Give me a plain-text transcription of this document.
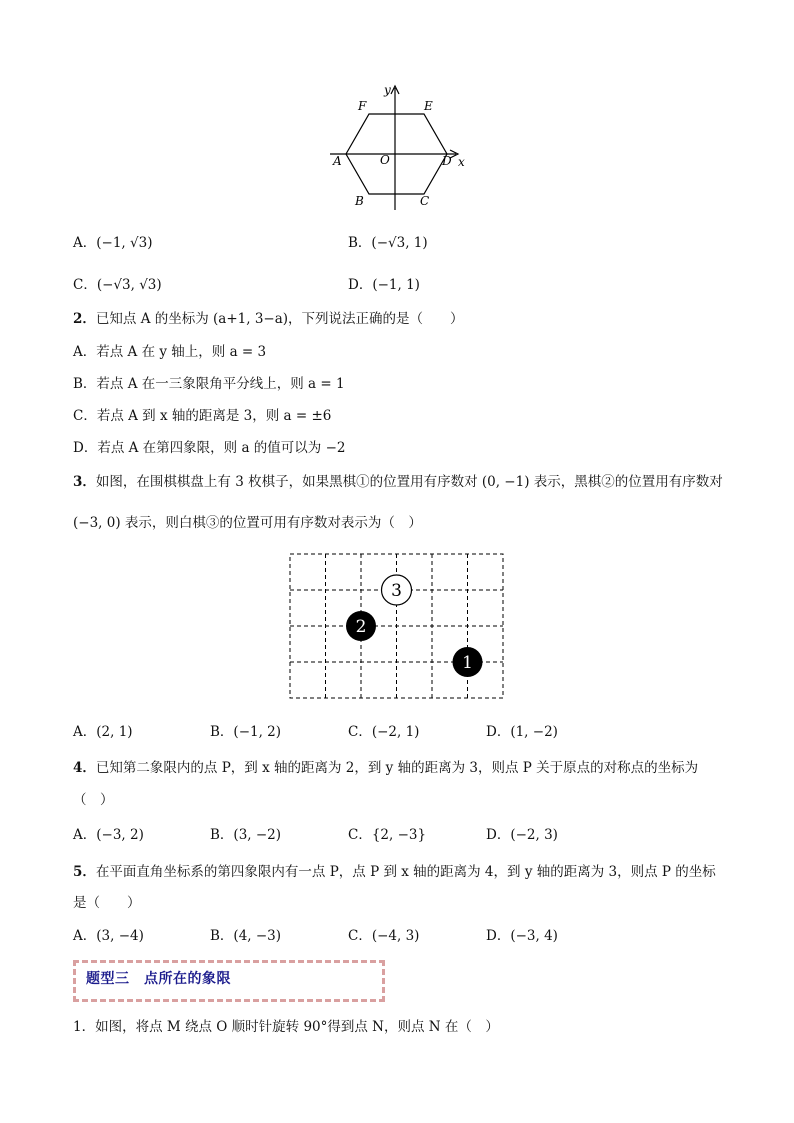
y
F	E
A	O	D x
B	C
A．(−1, √3)	B．(−√3, 1)
C．(−√3, √3)	D．(−1, 1)
2．已知点 A 的坐标为 (a+1, 3−a)，下列说法正确的是（　　）
A．若点 A 在 y 轴上，则 a = 3
B．若点 A 在一三象限角平分线上，则 a = 1
C．若点 A 到 x 轴的距离是 3，则 a = ±6
D．若点 A 在第四象限，则 a 的值可以为 −2
3．如图，在围棋棋盘上有 3 枚棋子，如果黑棋①的位置用有序数对 (0, −1) 表示，黑棋②的位置用有序数对
(−3, 0) 表示，则白棋③的位置可用有序数对表示为（　）
3
2
1
A．(2, 1)	B．(−1, 2)	C．(−2, 1)	D．(1, −2)
4．已知第二象限内的点 P，到 x 轴的距离为 2，到 y 轴的距离为 3，则点 P 关于原点的对称点的坐标为
（　）
A．(−3, 2)	B．(3, −2)	C．{2, −3}	D．(−2, 3)
5．在平面直角坐标系的第四象限内有一点 P，点 P 到 x 轴的距离为 4，到 y 轴的距离为 3，则点 P 的坐标
是（　　）
A．(3, −4)	B．(4, −3)	C．(−4, 3)	D．(−3, 4)
题型三　点所在的象限
1．如图，将点 M 绕点 O 顺时针旋转 90°得到点 N，则点 N 在（　）
